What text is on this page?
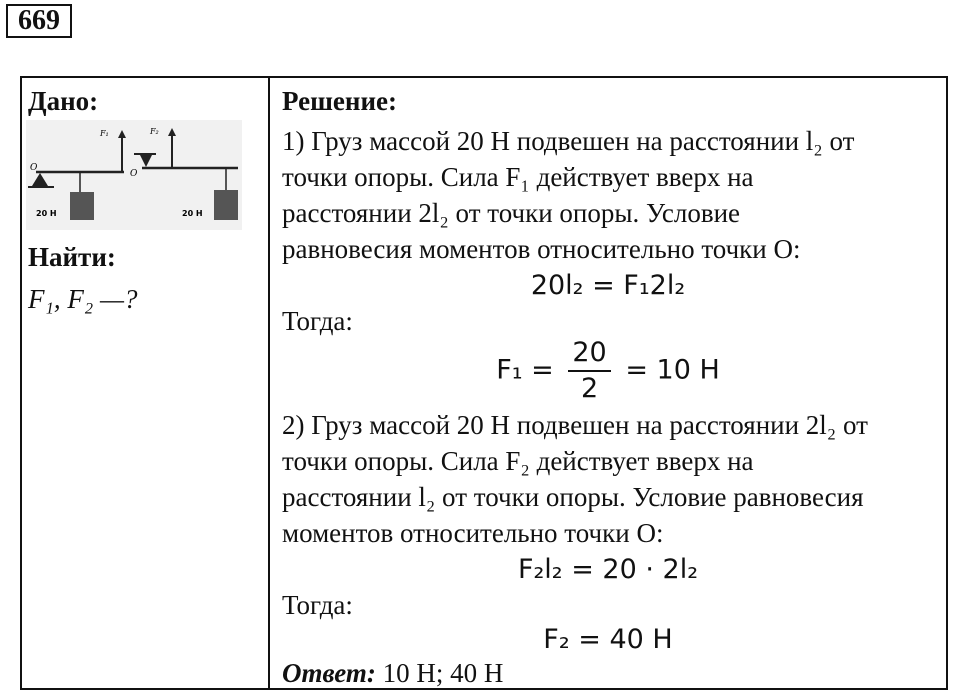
669
Дано:
O
F₁
20 Н
O
F₂
20 Н
Найти:
F₁, F₂ —?
Решение:
1) Груз массой 20 Н подвешен на расстоянии l₂ от
точки опоры. Сила F₁ действует вверх на
расстоянии 2l₂ от точки опоры. Условие
равновесия моментов относительно точки О:
20l₂ = F₁2l₂
Тогда:
$F_1 = \frac{20}{2} = 10$ Н
2) Груз массой 20 Н подвешен на расстоянии 2l₂ от
точки опоры. Сила F₂ действует вверх на
расстоянии l₂ от точки опоры. Условие равновесия
моментов относительно точки О:
F₂l₂ = 20 · 2l₂
Тогда:
F₂ = 40 Н
Ответ: 10 Н; 40 Н
